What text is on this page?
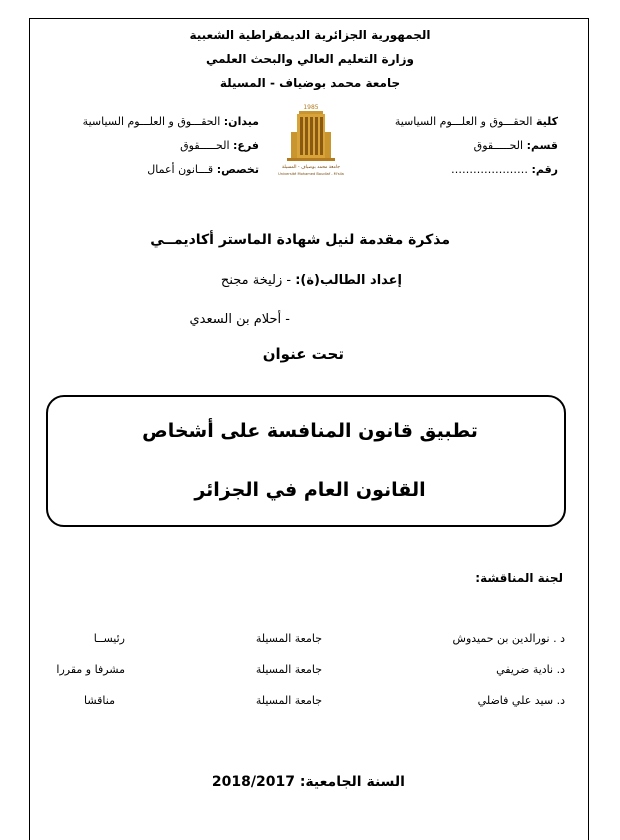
الجمهورية الجزائرية الديمقراطية الشعبية
وزارة التعليم العالي والبحث العلمي
جامعة محمد بوضياف - المسيلة
كلية الحقـــوق و العلـــوم السياسية
قسم: الحـــــقوق
رقم: …………………
ميدان: الحقـــوق و العلـــوم السياسية
فرع: الحـــــقوق
تخصص: قـــانون أعمال
1985
جامعة محمد بوضياف - المسيلة
Université Mohamed Boudiaf - M'sila
مذكرة مقدمة لنيل شهادة الماستر أكاديمــي
إعداد الطالب(ة): - زليخة مجنح
- أحلام بن السعدي
تحت عنوان
تطبيق قانون المنافسة على أشخاص
القانون العام في الجزائر
لجنة المناقشة:
د . نورالدين بن حميدوش
جامعة المسيلة
رئيســا
د. نادية ضريفي
جامعة المسيلة
مشرفا و مقررا
د. سيد علي فاضلي
جامعة المسيلة
مناقشا
السنة الجامعية: 2018/2017
